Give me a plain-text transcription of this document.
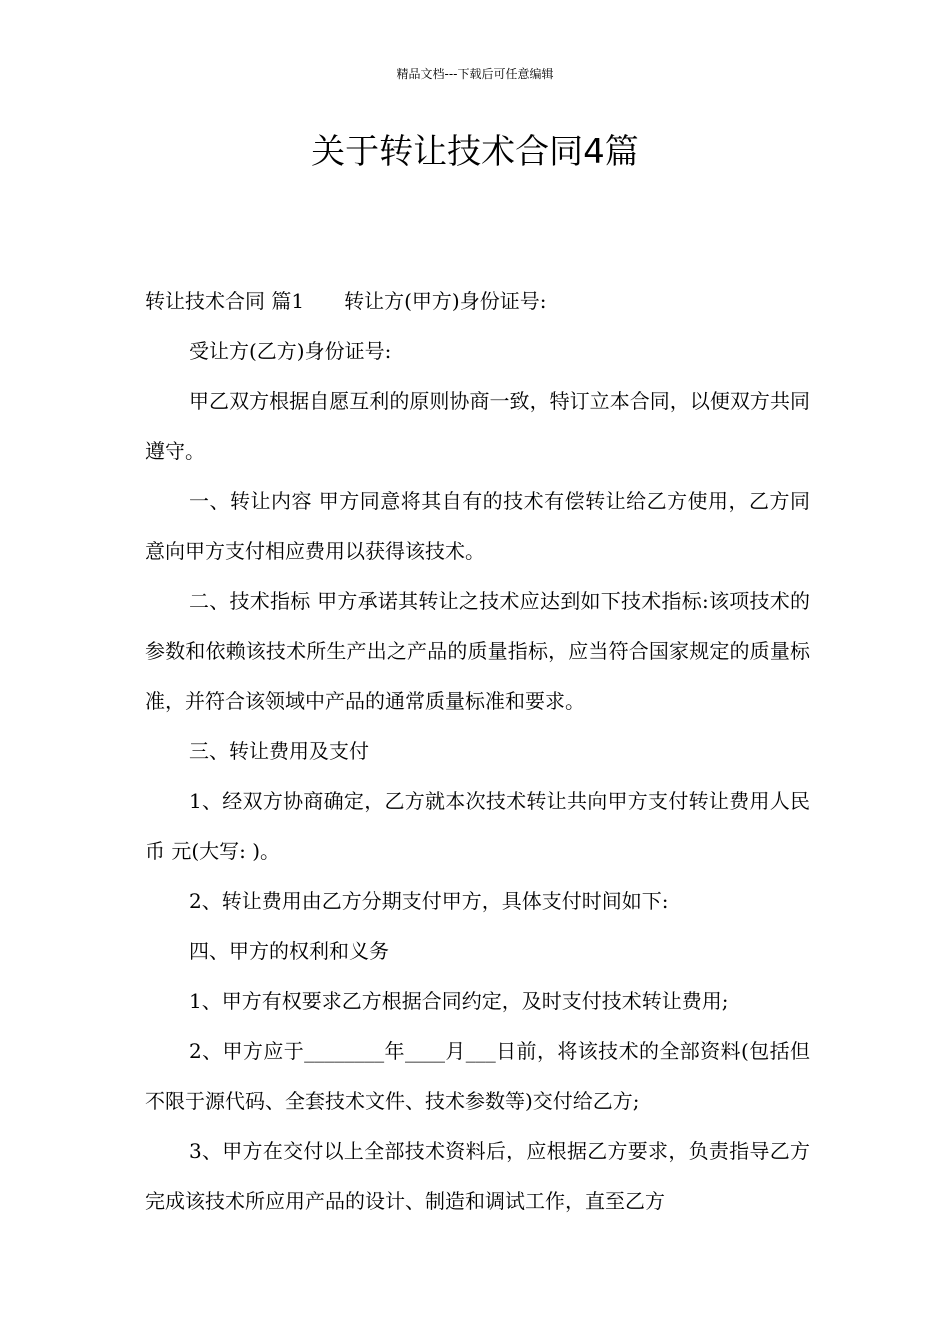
精品文档---下载后可任意编辑
关于转让技术合同4篇

转让技术合同 篇1 转让方(甲方)身份证号:

受让方(乙方)身份证号:

甲乙双方根据自愿互利的原则协商一致，特订立本合同，以便双方共同遵守。

一、转让内容 甲方同意将其自有的技术有偿转让给乙方使用，乙方同意向甲方支付相应费用以获得该技术。

二、技术指标 甲方承诺其转让之技术应达到如下技术指标:该项技术的参数和依赖该技术所生产出之产品的质量指标，应当符合国家规定的质量标准，并符合该领域中产品的通常质量标准和要求。

三、转让费用及支付

1、经双方协商确定，乙方就本次技术转让共向甲方支付转让费用人民币 元(大写: )。

2、转让费用由乙方分期支付甲方，具体支付时间如下:

四、甲方的权利和义务

1、甲方有权要求乙方根据合同约定，及时支付技术转让费用;

2、甲方应于________年____月___日前，将该技术的全部资料(包括但不限于源代码、全套技术文件、技术参数等)交付给乙方;

3、甲方在交付以上全部技术资料后，应根据乙方要求，负责指导乙方完成该技术所应用产品的设计、制造和调试工作，直至乙方
